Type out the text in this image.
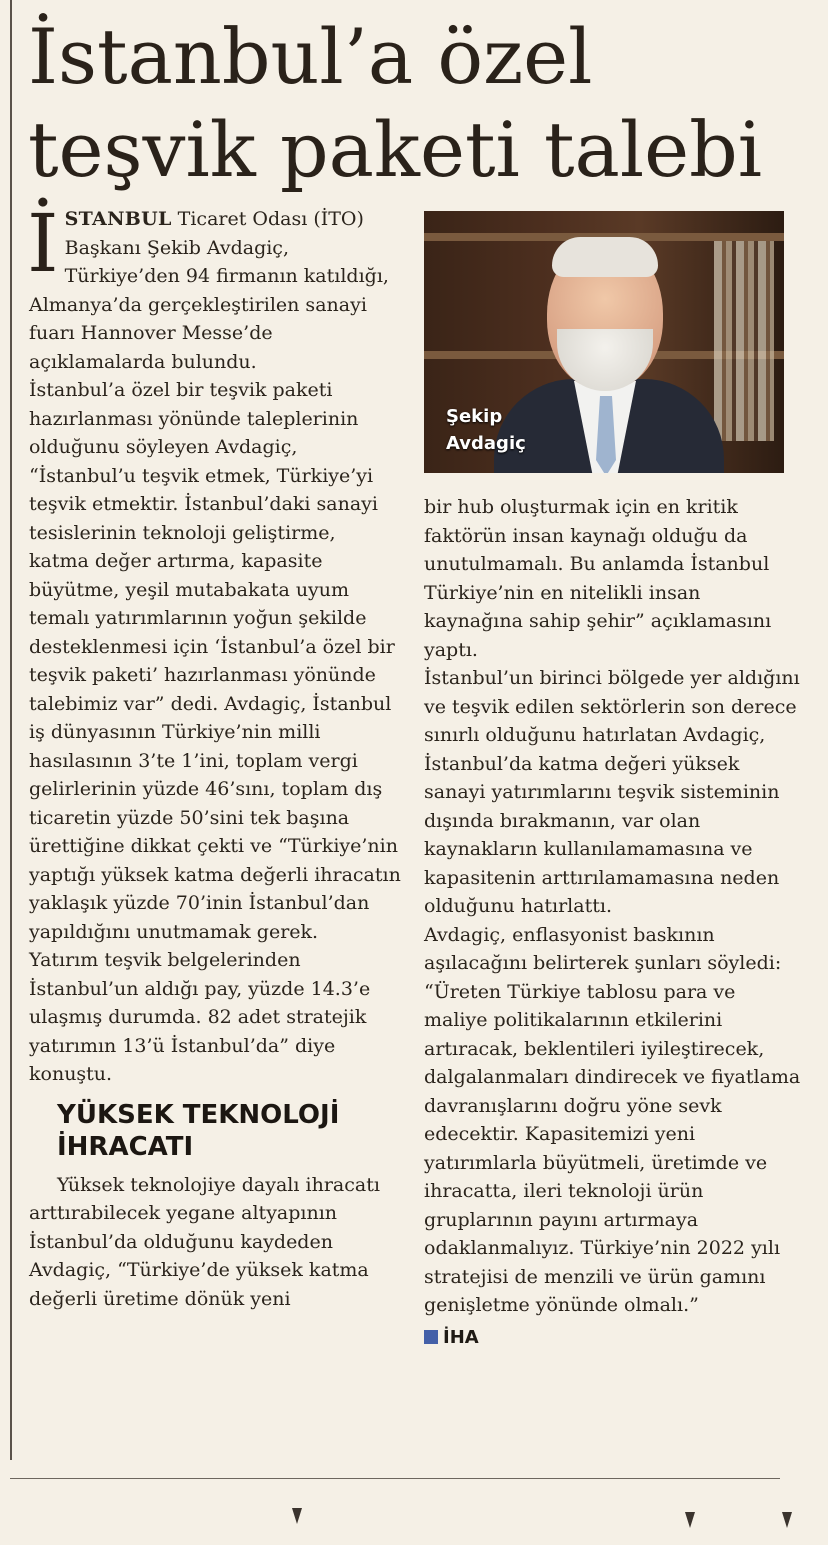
İstanbul’a özel
teşvik paketi talebi

İSTANBUL Ticaret Odası (İTO) Başkanı Şekib Avdagiç, Türkiye’den 94 firmanın katıldığı, Almanya’da gerçekleştirilen sanayi fuarı Hannover Messe’de açıklamalarda bulundu.

İstanbul’a özel bir teşvik paketi hazırlanması yönünde taleplerinin olduğunu söyleyen Avdagiç, “İstanbul’u teşvik etmek, Türkiye’yi teşvik etmektir. İstanbul’daki sanayi tesislerinin teknoloji geliştirme, katma değer artırma, kapasite büyütme, yeşil mutabakata uyum temalı yatırımlarının yoğun şekilde desteklenmesi için ‘İstanbul’a özel bir teşvik paketi’ hazırlanması yönünde talebimiz var” dedi. Avdagiç, İstanbul iş dünyasının Türkiye’nin milli hasılasının 3’te 1’ini, toplam vergi gelirlerinin yüzde 46’sını, toplam dış ticaretin yüzde 50’sini tek başına ürettiğine dikkat çekti ve “Türkiye’nin yaptığı yüksek katma değerli ihracatın yaklaşık yüzde 70’inin İstanbul’dan yapıldığını unutmamak gerek.

Yatırım teşvik belgelerinden İstanbul’un aldığı pay, yüzde 14.3’e ulaşmış durumda. 82 adet stratejik yatırımın 13’ü İstanbul’da” diye konuştu.

YÜKSEK TEKNOLOJİ
İHRACATI

Yüksek teknolojiye dayalı ihracatı arttırabilecek yegane altyapının İstanbul’da olduğunu kaydeden Avdagiç, “Türkiye’de yüksek katma değerli üretime dönük yeni

Şekip
Avdagiç

bir hub oluşturmak için en kritik faktörün insan kaynağı olduğu da unutulmamalı. Bu anlamda İstanbul Türkiye’nin en nitelikli insan kaynağına sahip şehir” açıklamasını yaptı.

İstanbul’un birinci bölgede yer aldığını ve teşvik edilen sektörlerin son derece sınırlı olduğunu hatırlatan Avdagiç, İstanbul’da katma değeri yüksek sanayi yatırımlarını teşvik sisteminin dışında bırakmanın, var olan kaynakların kullanılamamasına ve kapasitenin arttırılamamasına neden olduğunu hatırlattı.

Avdagiç, enflasyonist baskının aşılacağını belirterek şunları söyledi: “Üreten Türkiye tablosu para ve maliye politikalarının etkilerini artıracak, beklentileri iyileştirecek, dalgalanmaları dindirecek ve fiyatlama davranışlarını doğru yöne sevk edecektir. Kapasitemizi yeni yatırımlarla büyütmeli, üretimde ve ihracatta, ileri teknoloji ürün gruplarının payını artırmaya odaklanmalıyız. Türkiye’nin 2022 yılı stratejisi de menzili ve ürün gamını genişletme yönünde olmalı.”

İHA
